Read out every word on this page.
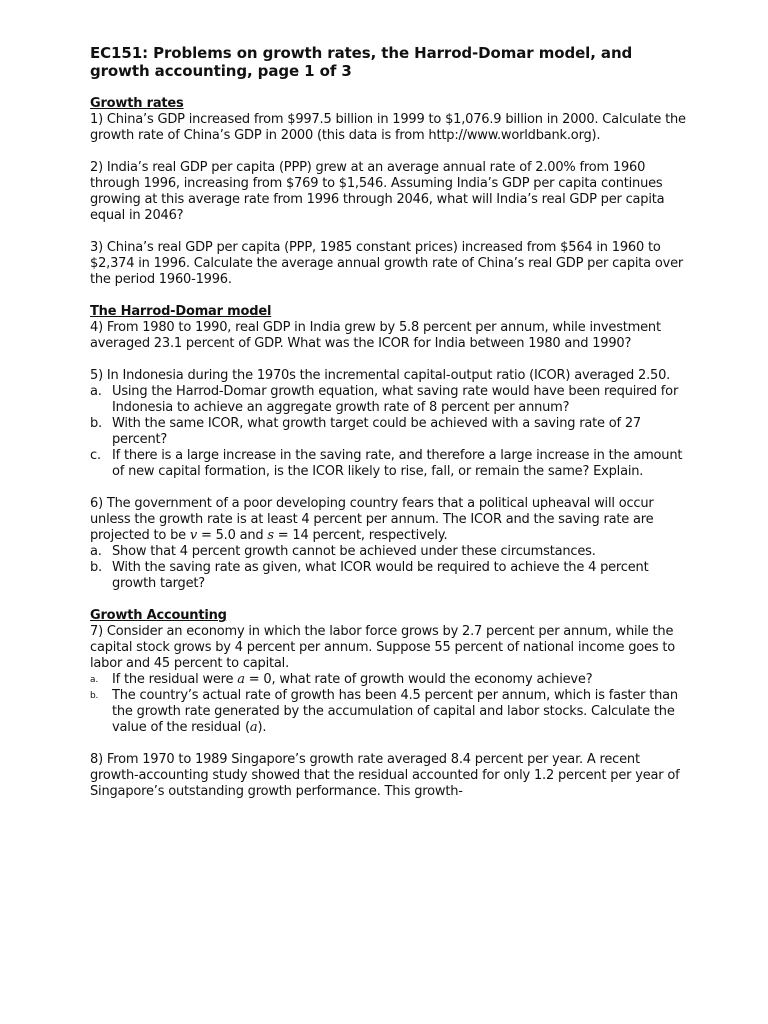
EC151: Problems on growth rates, the Harrod-Domar model, and growth accounting, page 1 of 3
Growth rates

1) China’s GDP increased from $997.5 billion in 1999 to $1,076.9 billion in 2000. Calculate the growth rate of China’s GDP in 2000 (this data is from http://www.worldbank.org).

2) India’s real GDP per capita (PPP) grew at an average annual rate of 2.00% from 1960 through 1996, increasing from $769 to $1,546. Assuming India’s GDP per capita continues growing at this average rate from 1996 through 2046, what will India’s real GDP per capita equal in 2046?

3) China’s real GDP per capita (PPP, 1985 constant prices) increased from $564 in 1960 to $2,374 in 1996. Calculate the average annual growth rate of China’s real GDP per capita over the period 1960-1996.

The Harrod-Domar model

4) From 1980 to 1990, real GDP in India grew by 5.8 percent per annum, while investment averaged 23.1 percent of GDP. What was the ICOR for India between 1980 and 1990?

5) In Indonesia during the 1970s the incremental capital-output ratio (ICOR) averaged 2.50.

a. Using the Harrod-Domar growth equation, what saving rate would have been required for Indonesia to achieve an aggregate growth rate of 8 percent per annum?
b. With the same ICOR, what growth target could be achieved with a saving rate of 27 percent?
c. If there is a large increase in the saving rate, and therefore a large increase in the amount of new capital formation, is the ICOR likely to rise, fall, or remain the same? Explain.

6) The government of a poor developing country fears that a political upheaval will occur unless the growth rate is at least 4 percent per annum. The ICOR and the saving rate are projected to be v = 5.0 and s = 14 percent, respectively.

a. Show that 4 percent growth cannot be achieved under these circumstances.
b. With the saving rate as given, what ICOR would be required to achieve the 4 percent growth target?
Growth Accounting

7) Consider an economy in which the labor force grows by 2.7 percent per annum, while the capital stock grows by 4 percent per annum. Suppose 55 percent of national income goes to labor and 45 percent to capital.

a.	If the residual were a = 0, what rate of growth would the economy achieve?
b.	The country’s actual rate of growth has been 4.5 percent per annum, which is faster than the growth rate generated by the accumulation of capital and labor stocks. Calculate the value of the residual (a).

8) From 1970 to 1989 Singapore’s growth rate averaged 8.4 percent per year. A recent growth-accounting study showed that the residual accounted for only 1.2 percent per year of Singapore’s outstanding growth performance. This growth-
